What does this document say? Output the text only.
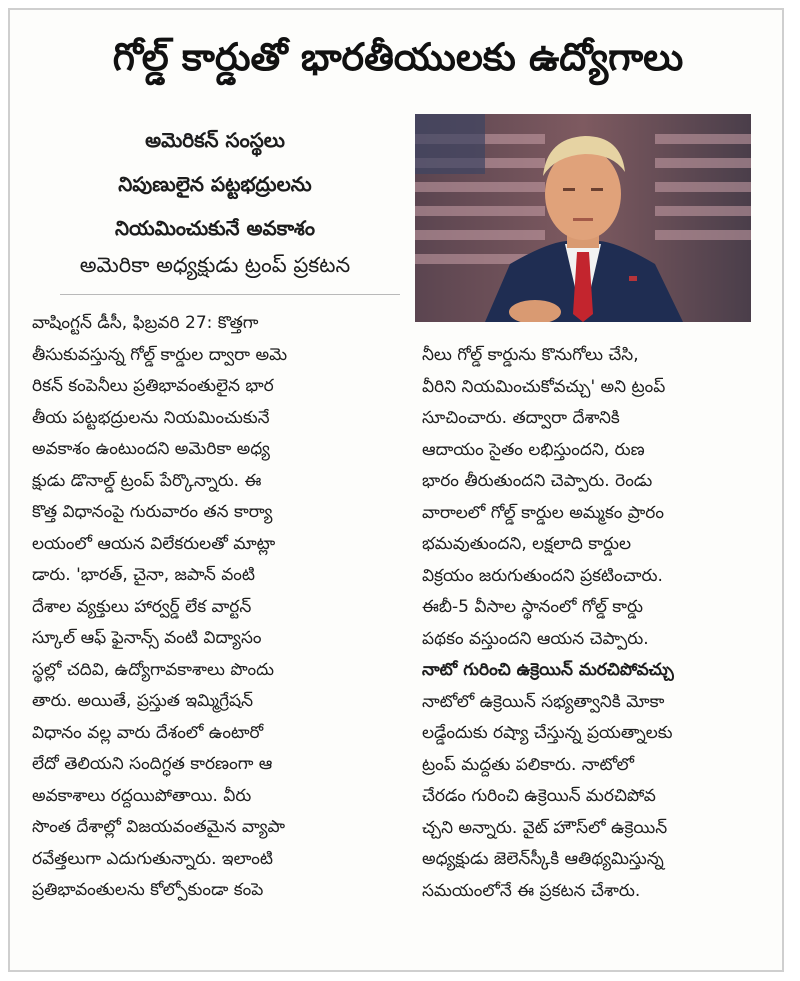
గోల్డ్ కార్డుతో భారతీయులకు ఉద్యోగాలు
అమెరికన్ సంస్థలు
నిపుణులైన పట్టభద్రులను
నియమించుకునే అవకాశం
అమెరికా అధ్యక్షుడు ట్రంప్ ప్రకటన
వాషింగ్టన్ డీసీ, ఫిబ్రవరి 27: కొత్తగా
తీసుకువస్తున్న గోల్డ్ కార్డుల ద్వారా అమె
రికన్ కంపెనీలు ప్రతిభావంతులైన భార
తీయ పట్టభద్రులను నియమించుకునే
అవకాశం ఉంటుందని అమెరికా అధ్య
క్షుడు డొనాల్డ్ ట్రంప్ పేర్కొన్నారు. ఈ
కొత్త విధానంపై గురువారం తన కార్యా
లయంలో ఆయన విలేకరులతో మాట్లా
డారు. 'భారత్, చైనా, జపాన్ వంటి
దేశాల వ్యక్తులు హార్వర్డ్ లేక వార్టన్
స్కూల్ ఆఫ్ ఫైనాన్స్ వంటి విద్యాసం
స్థల్లో చదివి, ఉద్యోగావకాశాలు పొందు
తారు. అయితే, ప్రస్తుత ఇమ్మిగ్రేషన్
విధానం వల్ల వారు దేశంలో ఉంటారో
లేదో తెలియని సందిగ్ధత కారణంగా ఆ
అవకాశాలు రద్దయిపోతాయి. వీరు
సొంత దేశాల్లో విజయవంతమైన వ్యాపా
రవేత్తలుగా ఎదుగుతున్నారు. ఇలాంటి
ప్రతిభావంతులను కోల్పోకుండా కంపె
నీలు గోల్డ్ కార్డును కొనుగోలు చేసి,
వీరిని నియమించుకోవచ్చు' అని ట్రంప్
సూచించారు. తద్వారా దేశానికి
ఆదాయం సైతం లభిస్తుందని, రుణ
భారం తీరుతుందని చెప్పారు. రెండు
వారాలలో గోల్డ్ కార్డుల అమ్మకం ప్రారం
భమవుతుందని, లక్షలాది కార్డుల
విక్రయం జరుగుతుందని ప్రకటించారు.
ఈబీ-5 వీసాల స్థానంలో గోల్డ్ కార్డు
పథకం వస్తుందని ఆయన చెప్పారు.
నాటో గురించి ఉక్రెయిన్ మరచిపోవచ్చు
నాటోలో ఉక్రెయిన్ సభ్యత్వానికి మోకా
లడ్డేందుకు రష్యా చేస్తున్న ప్రయత్నాలకు
ట్రంప్ మద్దతు పలికారు. నాటోలో
చేరడం గురించి ఉక్రెయిన్ మరచిపోవ
చ్చని అన్నారు. వైట్ హౌస్‌లో ఉక్రెయిన్
అధ్యక్షుడు జెలెన్‌స్కీకి ఆతిథ్యమిస్తున్న
సమయంలోనే ఈ ప్రకటన చేశారు.
